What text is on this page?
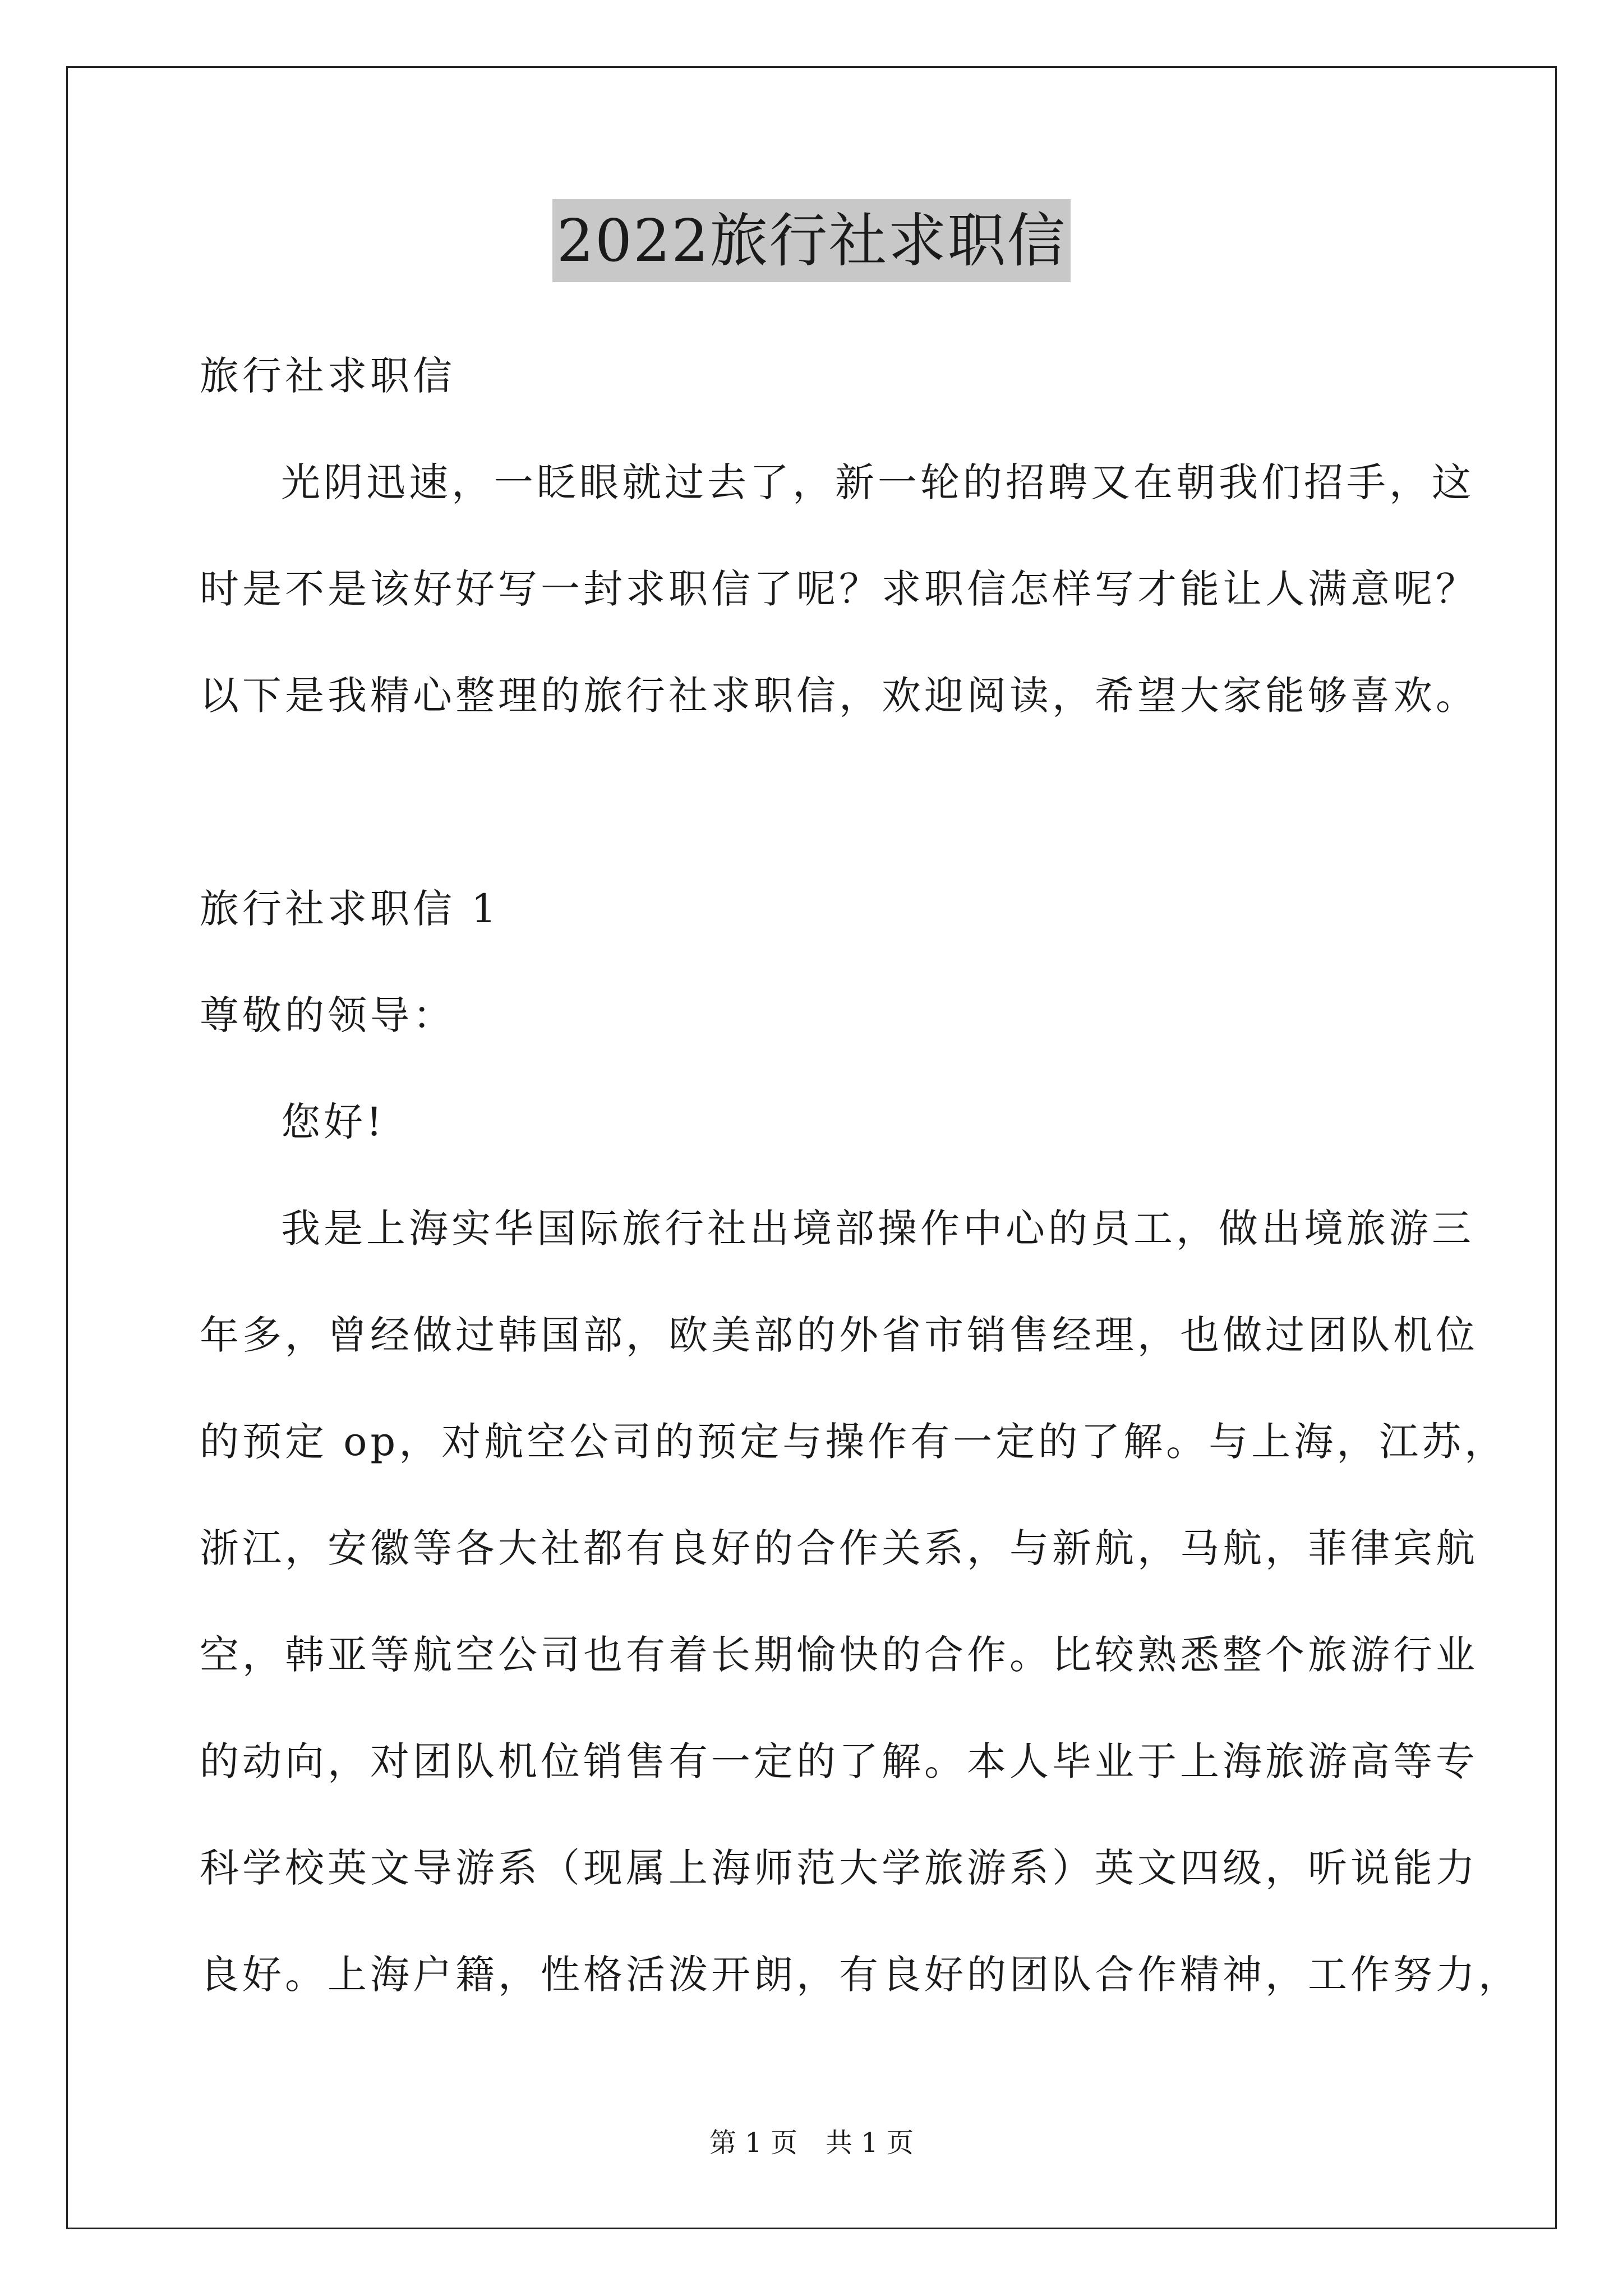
2022旅行社求职信
旅行社求职信
光阴迅速，一眨眼就过去了，新一轮的招聘又在朝我们招手，这
时是不是该好好写一封求职信了呢？求职信怎样写才能让人满意呢？
以下是我精心整理的旅行社求职信，欢迎阅读，希望大家能够喜欢。
旅行社求职信 1
尊敬的领导：
您好!
我是上海实华国际旅行社出境部操作中心的员工，做出境旅游三
年多，曾经做过韩国部，欧美部的外省市销售经理，也做过团队机位
的预定 op，对航空公司的预定与操作有一定的了解。与上海，江苏，
浙江，安徽等各大社都有良好的合作关系，与新航，马航，菲律宾航
空，韩亚等航空公司也有着长期愉快的合作。比较熟悉整个旅游行业
的动向，对团队机位销售有一定的了解。本人毕业于上海旅游高等专
科学校英文导游系（现属上海师范大学旅游系）英文四级，听说能力
良好。上海户籍，性格活泼开朗，有良好的团队合作精神，工作努力，
第 1 页 共 1 页
